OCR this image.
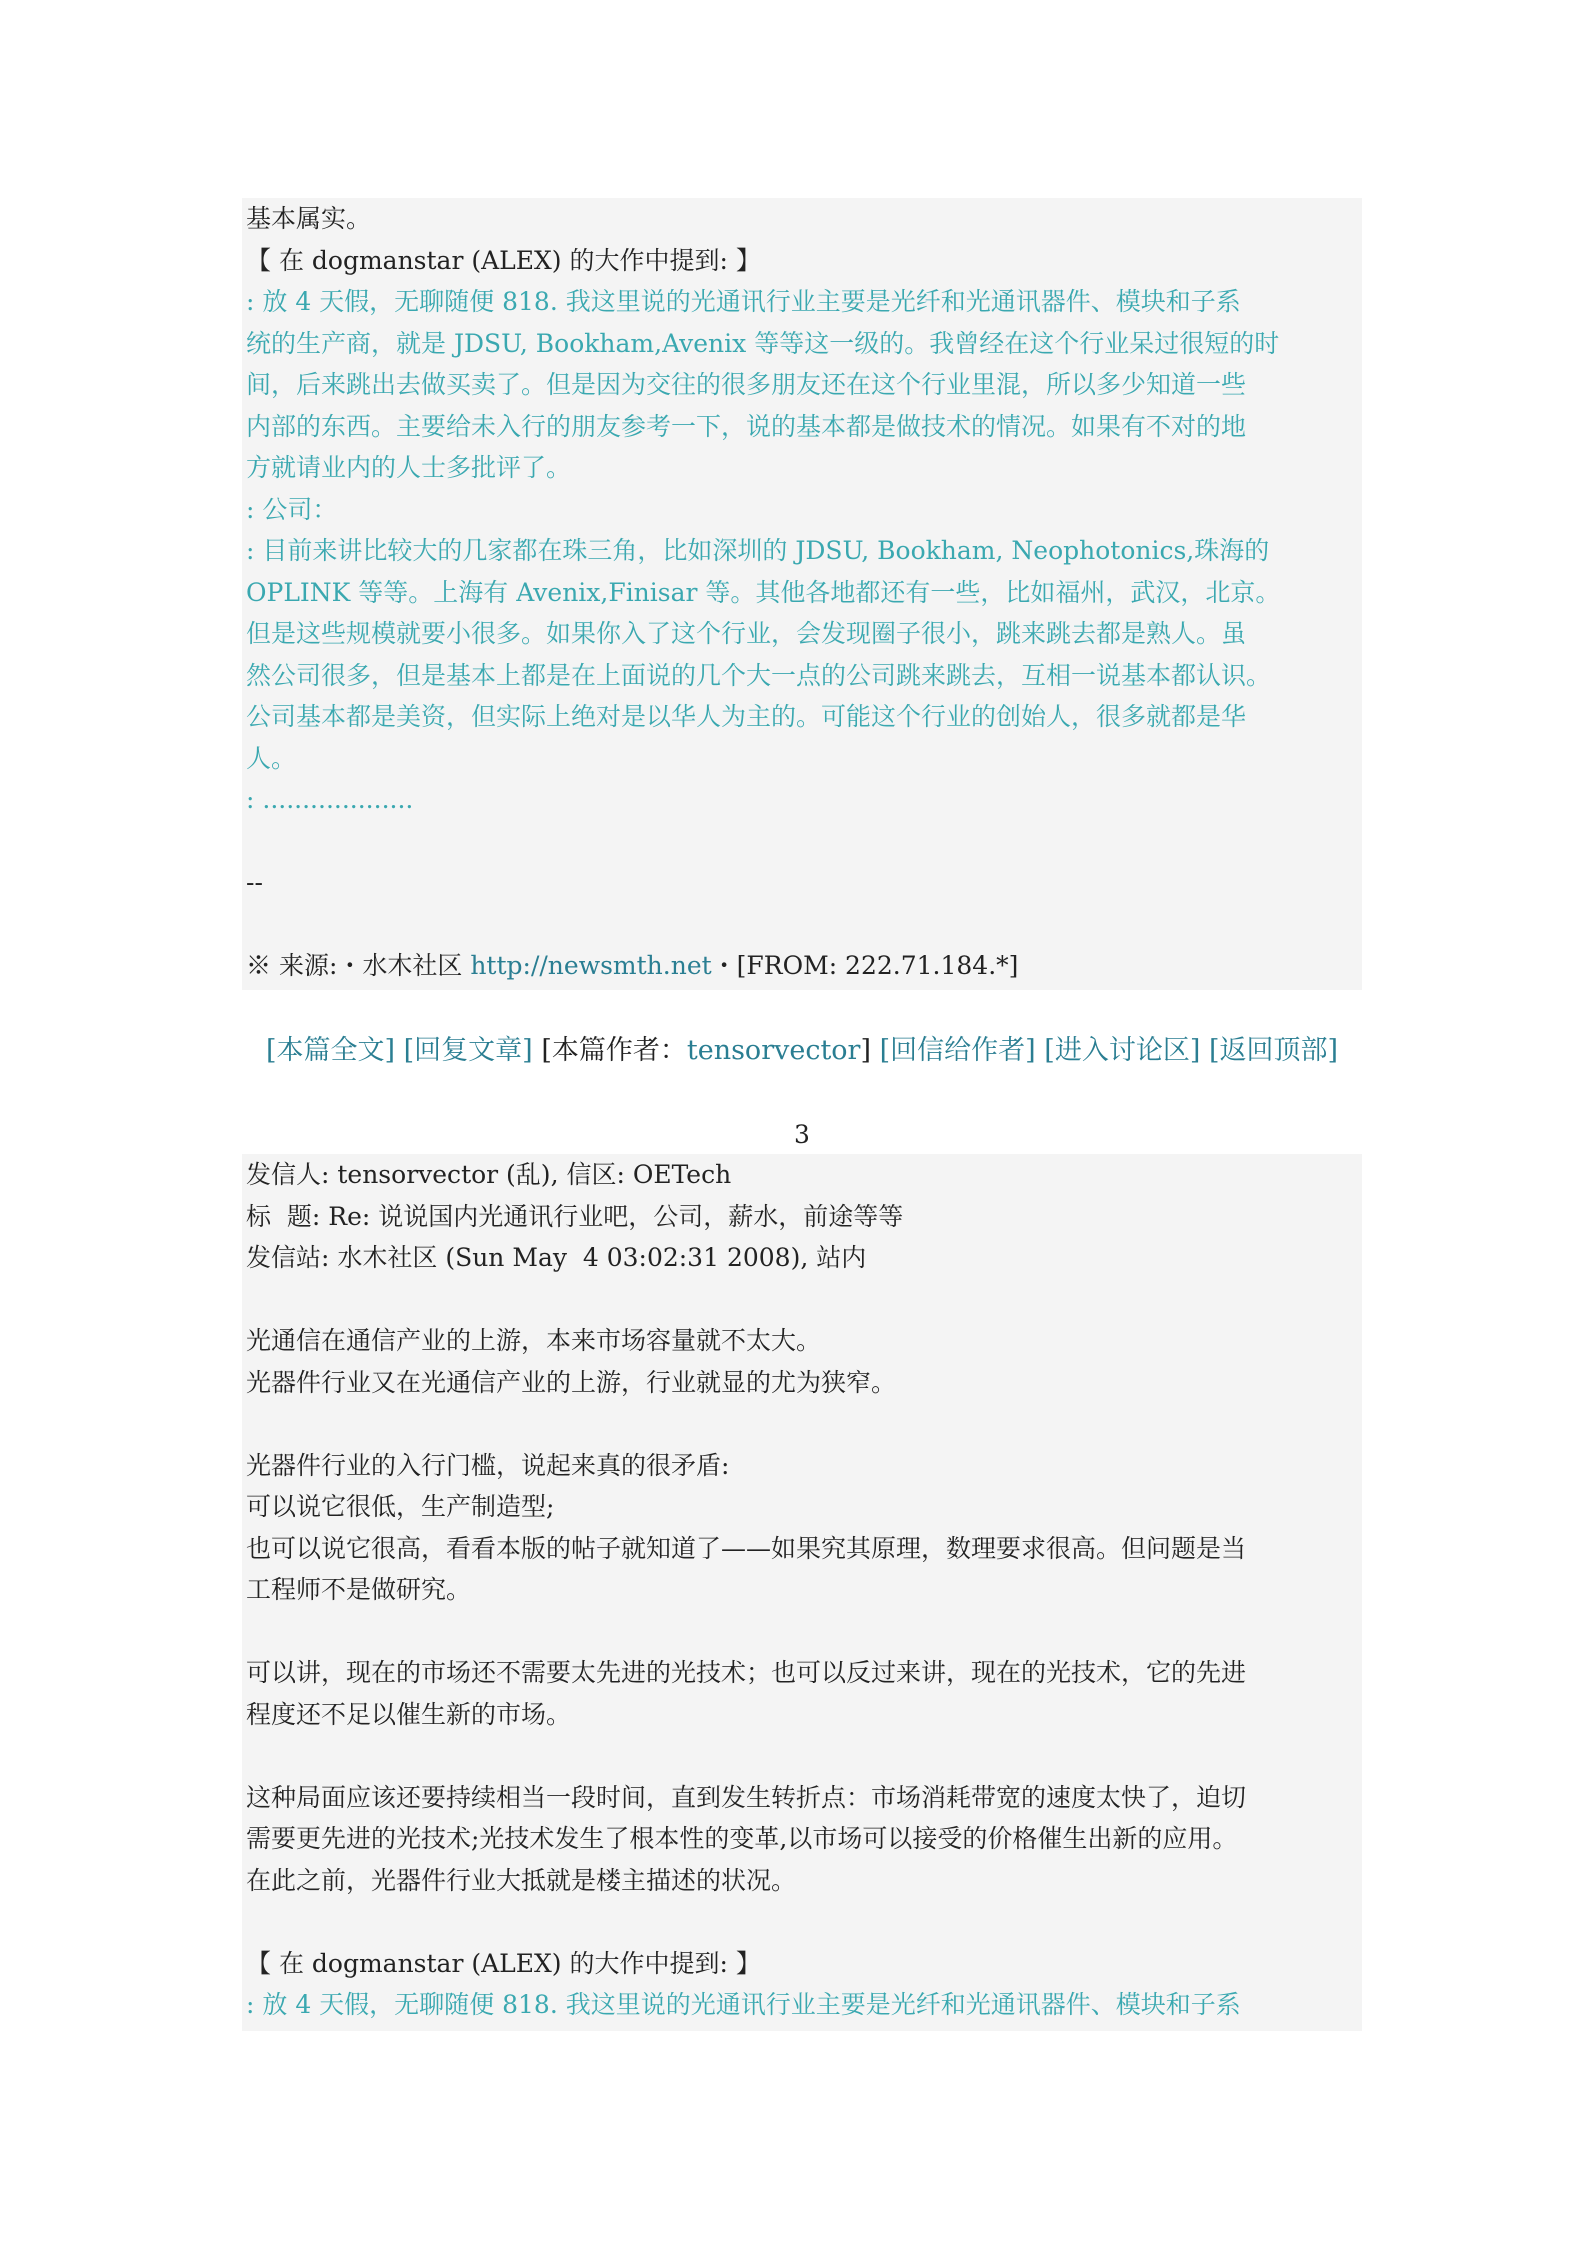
基本属实。
【 在 dogmanstar (ALEX) 的大作中提到: 】
: 放 4 天假，无聊随便 818. 我这里说的光通讯行业主要是光纤和光通讯器件、模块和子系
统的生产商，就是 JDSU, Bookham,Avenix 等等这一级的。我曾经在这个行业呆过很短的时
间，后来跳出去做买卖了。但是因为交往的很多朋友还在这个行业里混，所以多少知道一些
内部的东西。主要给未入行的朋友参考一下，说的基本都是做技术的情况。如果有不对的地
方就请业内的人士多批评了。
: 公司：
: 目前来讲比较大的几家都在珠三角，比如深圳的 JDSU, Bookham, Neophotonics,珠海的
OPLINK 等等。上海有 Avenix,Finisar 等。其他各地都还有一些，比如福州，武汉，北京。
但是这些规模就要小很多。如果你入了这个行业，会发现圈子很小，跳来跳去都是熟人。虽
然公司很多，但是基本上都是在上面说的几个大一点的公司跳来跳去，互相一说基本都认识。
公司基本都是美资，但实际上绝对是以华人为主的。可能这个行业的创始人，很多就都是华
人。
: ...................
--
※ 来源:・水木社区 http://newsmth.net・[FROM: 222.71.184.*]
[本篇全文] [回复文章] [本篇作者：tensorvector] [回信给作者] [进入讨论区] [返回顶部]
3
发信人: tensorvector (乱), 信区: OETech
标  题: Re: 说说国内光通讯行业吧，公司，薪水，前途等等
发信站: 水木社区 (Sun May  4 03:02:31 2008), 站内
光通信在通信产业的上游，本来市场容量就不太大。
光器件行业又在光通信产业的上游，行业就显的尤为狭窄。
光器件行业的入行门槛，说起来真的很矛盾:
可以说它很低，生产制造型;
也可以说它很高，看看本版的帖子就知道了——如果究其原理，数理要求很高。但问题是当
工程师不是做研究。
可以讲，现在的市场还不需要太先进的光技术；也可以反过来讲，现在的光技术，它的先进
程度还不足以催生新的市场。
这种局面应该还要持续相当一段时间，直到发生转折点：市场消耗带宽的速度太快了，迫切
需要更先进的光技术;光技术发生了根本性的变革,以市场可以接受的价格催生出新的应用。
在此之前，光器件行业大抵就是楼主描述的状况。
【 在 dogmanstar (ALEX) 的大作中提到: 】
: 放 4 天假，无聊随便 818. 我这里说的光通讯行业主要是光纤和光通讯器件、模块和子系
